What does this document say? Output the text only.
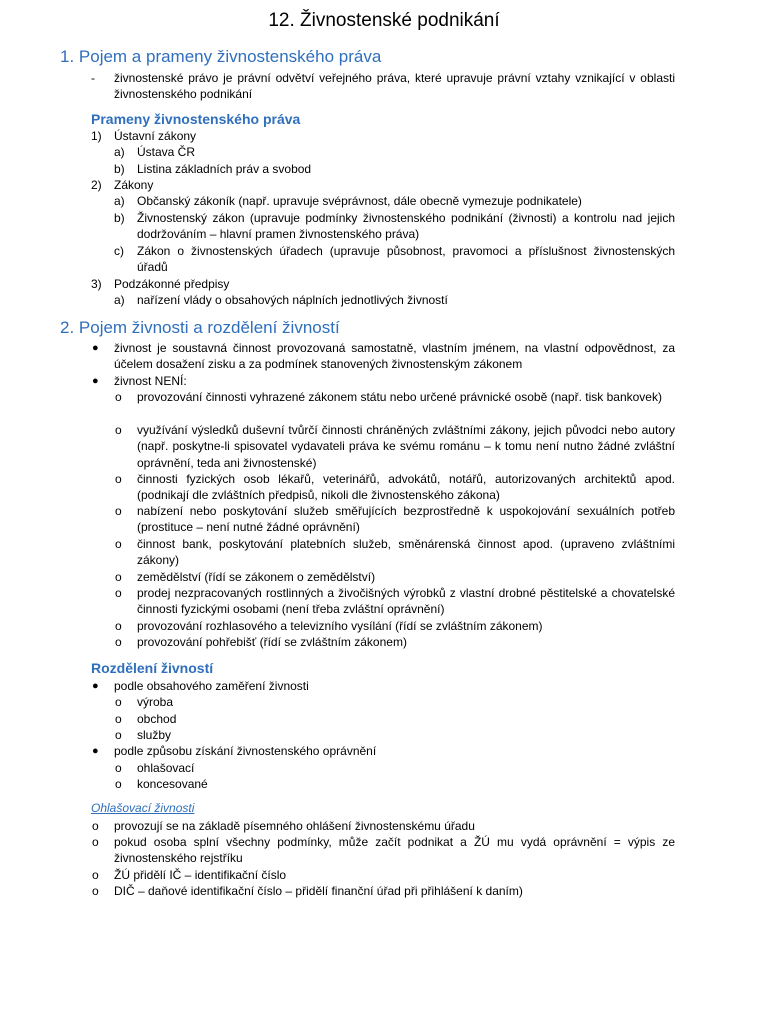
12. Živnostenské podnikání
1. Pojem a prameny živnostenského práva
- živnostenské právo je právní odvětví veřejného práva, které upravuje právní vztahy vznikající v oblasti živnostenského podnikání
Prameny živnostenského práva
1) Ústavní zákony
a) Ústava ČR
b) Listina základních práv a svobod
2) Zákony
a) Občanský zákoník (např. upravuje svéprávnost, dále obecně vymezuje podnikatele)
b) Živnostenský zákon (upravuje podmínky živnostenského podnikání (živnosti) a kontrolu nad jejich dodržováním – hlavní pramen živnostenského práva)
c) Zákon o živnostenských úřadech (upravuje působnost, pravomoci a příslušnost živnostenských úřadů
3) Podzákonné předpisy
a) nařízení vlády o obsahových náplních jednotlivých živností
2. Pojem živnosti a rozdělení živností
● živnost je soustavná činnost provozovaná samostatně, vlastním jménem, na vlastní odpovědnost, za účelem dosažení zisku a za podmínek stanovených živnostenským zákonem
● živnost NENÍ:
o provozování činnosti vyhrazené zákonem státu nebo určené právnické osobě (např. tisk bankovek)
o využívání výsledků duševní tvůrčí činnosti chráněných zvláštními zákony, jejich původci nebo autory (např. poskytne-li spisovatel vydavateli práva ke svému románu – k tomu není nutno žádné zvláštní oprávnění, teda ani živnostenské)
o činnosti fyzických osob lékařů, veterinářů, advokátů, notářů, autorizovaných architektů apod. (podnikají dle zvláštních předpisů, nikoli dle živnostenského zákona)
o nabízení nebo poskytování služeb směřujících bezprostředně k uspokojování sexuálních potřeb (prostituce – není nutné žádné oprávnění)
o činnost bank, poskytování platebních služeb, směnárenská činnost apod. (upraveno zvláštními zákony)
o zemědělství (řídí se zákonem o zemědělství)
o prodej nezpracovaných rostlinných a živočišných výrobků z vlastní drobné pěstitelské a chovatelské činnosti fyzickými osobami (není třeba zvláštní oprávnění)
o provozování rozhlasového a televizního vysílání (řídí se zvláštním zákonem)
o provozování pohřebišť (řídí se zvláštním zákonem)
Rozdělení živností
● podle obsahového zaměření živnosti
o výroba
o obchod
o služby
● podle způsobu získání živnostenského oprávnění
o ohlašovací
o koncesované
Ohlašovací živnosti
o provozují se na základě písemného ohlášení živnostenskému úřadu
o pokud osoba splní všechny podmínky, může začít podnikat a ŽÚ mu vydá oprávnění = výpis ze živnostenského rejstříku
o ŽÚ přidělí IČ – identifikační číslo
o DIČ – daňové identifikační číslo – přidělí finanční úřad při přihlášení k daním)
